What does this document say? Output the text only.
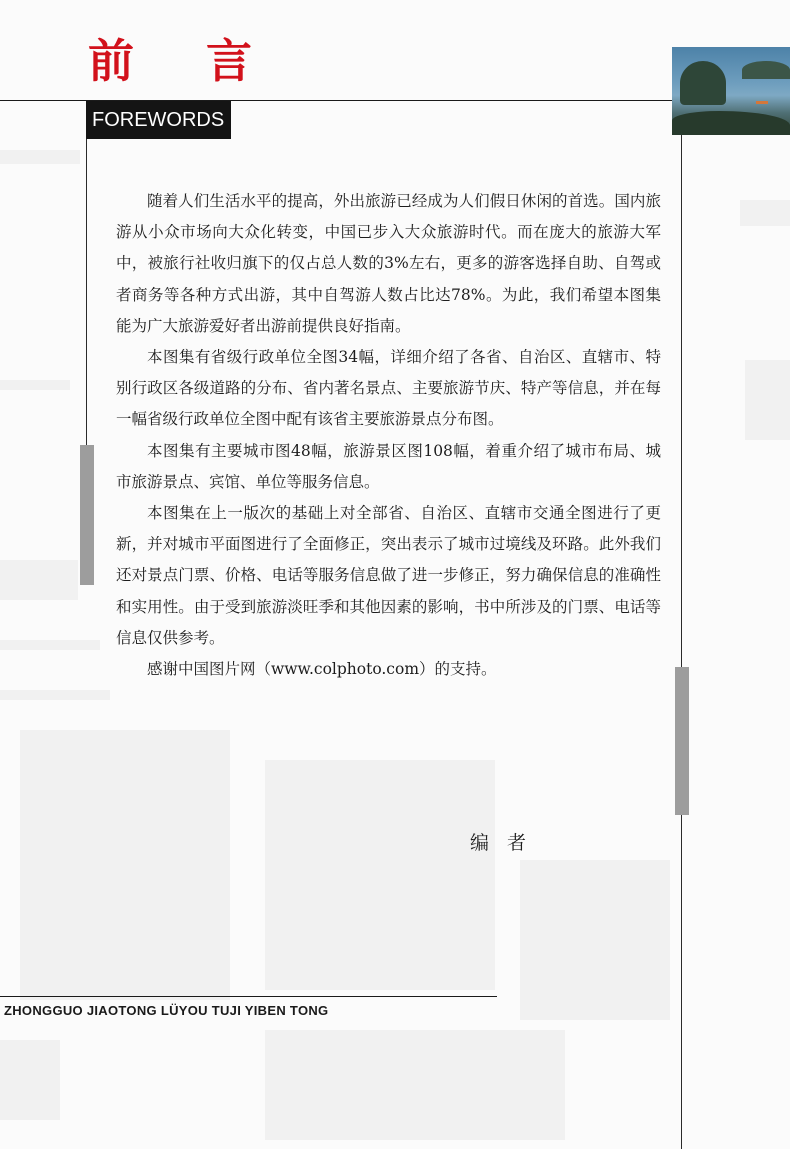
前 言
FOREWORDS

随着人们生活水平的提高，外出旅游已经成为人们假日休闲的首选。国内旅游从小众市场向大众化转变，中国已步入大众旅游时代。而在庞大的旅游大军中，被旅行社收归旗下的仅占总人数的3%左右，更多的游客选择自助、自驾或者商务等各种方式出游，其中自驾游人数占比达78%。为此，我们希望本图集能为广大旅游爱好者出游前提供良好指南。

本图集有省级行政单位全图34幅，详细介绍了各省、自治区、直辖市、特别行政区各级道路的分布、省内著名景点、主要旅游节庆、特产等信息，并在每一幅省级行政单位全图中配有该省主要旅游景点分布图。

本图集有主要城市图48幅，旅游景区图108幅，着重介绍了城市布局、城市旅游景点、宾馆、单位等服务信息。

本图集在上一版次的基础上对全部省、自治区、直辖市交通全图进行了更新，并对城市平面图进行了全面修正，突出表示了城市过境线及环路。此外我们还对景点门票、价格、电话等服务信息做了进一步修正，努力确保信息的准确性和实用性。由于受到旅游淡旺季和其他因素的影响，书中所涉及的门票、电话等信息仅供参考。

感谢中国图片网（www.colphoto.com）的支持。

编 者
ZHONGGUO JIAOTONG LÜYOU TUJI YIBEN TONG
